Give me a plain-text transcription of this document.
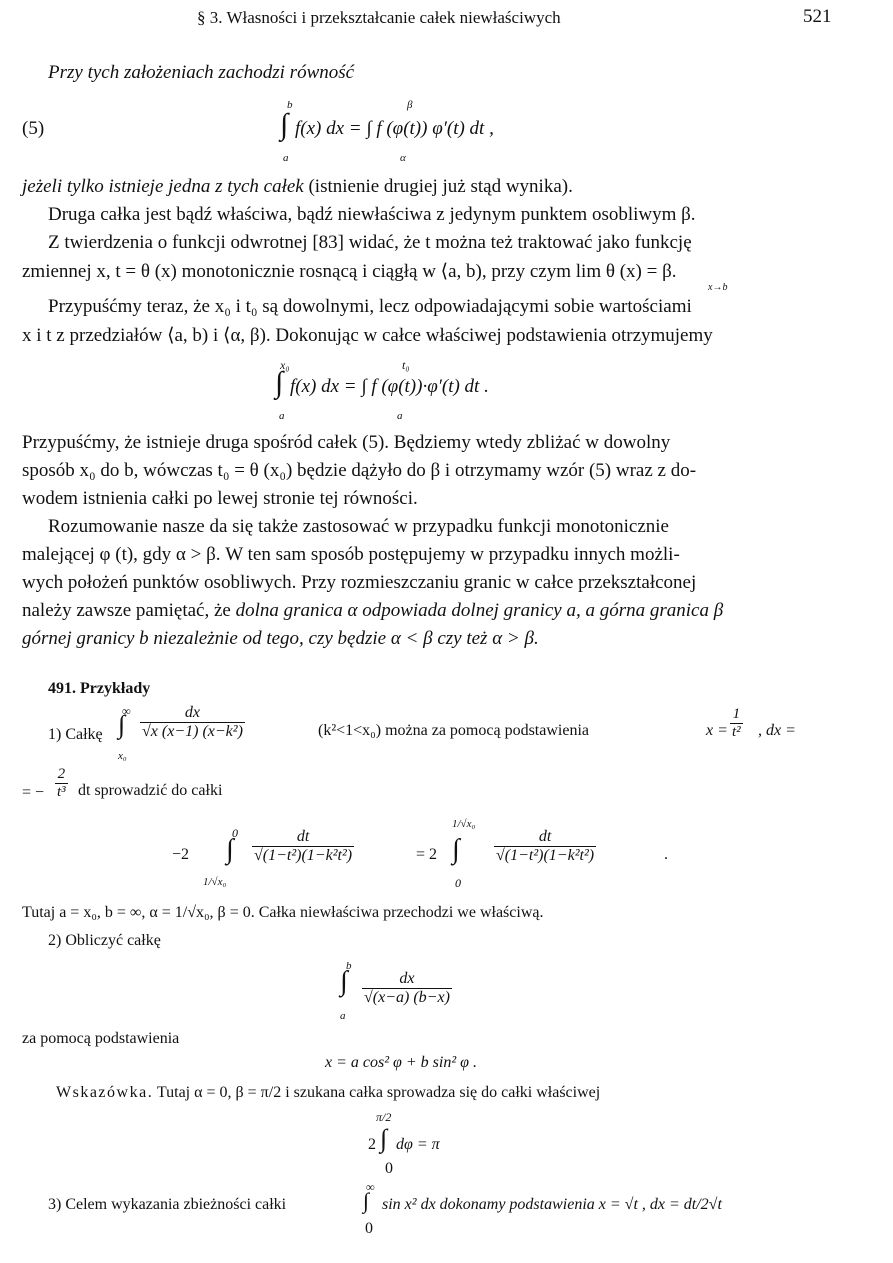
§ 3. Własności i przekształcanie całek niewłaściwych	521
Przy tych założeniach zachodzi równość
(5)
b	β
∫ f(x) dx = ∫ f (φ(t)) φ′(t) dt ,
a	α
jeżeli tylko istnieje jedna z tych całek (istnienie drugiej już stąd wynika).
Druga całka jest bądź właściwa, bądź niewłaściwa z jedynym punktem osobliwym β.
Z twierdzenia o funkcji odwrotnej [83] widać, że t można też traktować jako funkcję
zmiennej x, t = θ (x) monotonicznie rosnącą i ciągłą w ⟨a, b), przy czym lim θ (x) = β.
x→b
Przypuśćmy teraz, że x₀ i t₀ są dowolnymi, lecz odpowiadającymi sobie wartościami
x i t z przedziałów ⟨a, b) i ⟨α, β). Dokonując w całce właściwej podstawienia otrzymujemy
x₀	t₀
∫ f(x) dx = ∫ f (φ(t))·φ′(t) dt .
a	a
Przypuśćmy, że istnieje druga spośród całek (5). Będziemy wtedy zbliżać w dowolny
sposób x₀ do b, wówczas t₀ = θ (x₀) będzie dążyło do β i otrzymamy wzór (5) wraz z do-
wodem istnienia całki po lewej stronie tej równości.
Rozumowanie nasze da się także zastosować w przypadku funkcji monotonicznie
malejącej φ (t), gdy α > β. W ten sam sposób postępujemy w przypadku innych możli-
wych położeń punktów osobliwych. Przy rozmieszczaniu granic w całce przekształconej
należy zawsze pamiętać, że dolna granica α odpowiada dolnej granicy a, a górna granica β
górnej granicy b niezależnie od tego, czy będzie α < β czy też α > β.
491. Przykłady
1) Całkę
∞
∫
x₀
$\frac{dx}{\text{√x (x−1) (x−k²)}}$	(k²<1<x₀) można za pomocą podstawienia	$x = \frac{1}{\text{t²}}$ , dx =
= − $\frac{2}{\text{t³}}$ dt sprowadzić do całki
−2
0
∫
1/√x₀
$\frac{dt}{\text{√(1−t²)(1−k²t²)}}$	= 2
1/√x₀
∫
0
$\frac{dt}{\text{√(1−t²)(1−k²t²)}}$	.
Tutaj a = x₀, b = ∞, α = 1/√x₀, β = 0. Całka niewłaściwa przechodzi we właściwą.
2) Obliczyć całkę
b
∫
a
$\frac{dx}{√(x-a) (b-x)}$
za pomocą podstawienia
x = a cos² φ + b sin² φ .
Wskazówka. Tutaj α = 0, β = π/2 i szukana całka sprowadza się do całki właściwej
π/2
2 ∫ dφ = π
0
∞
3) Celem wykazania zbieżności całki	∫ sin x² dx dokonamy podstawienia x = √t , dx = dt/2√t
0
